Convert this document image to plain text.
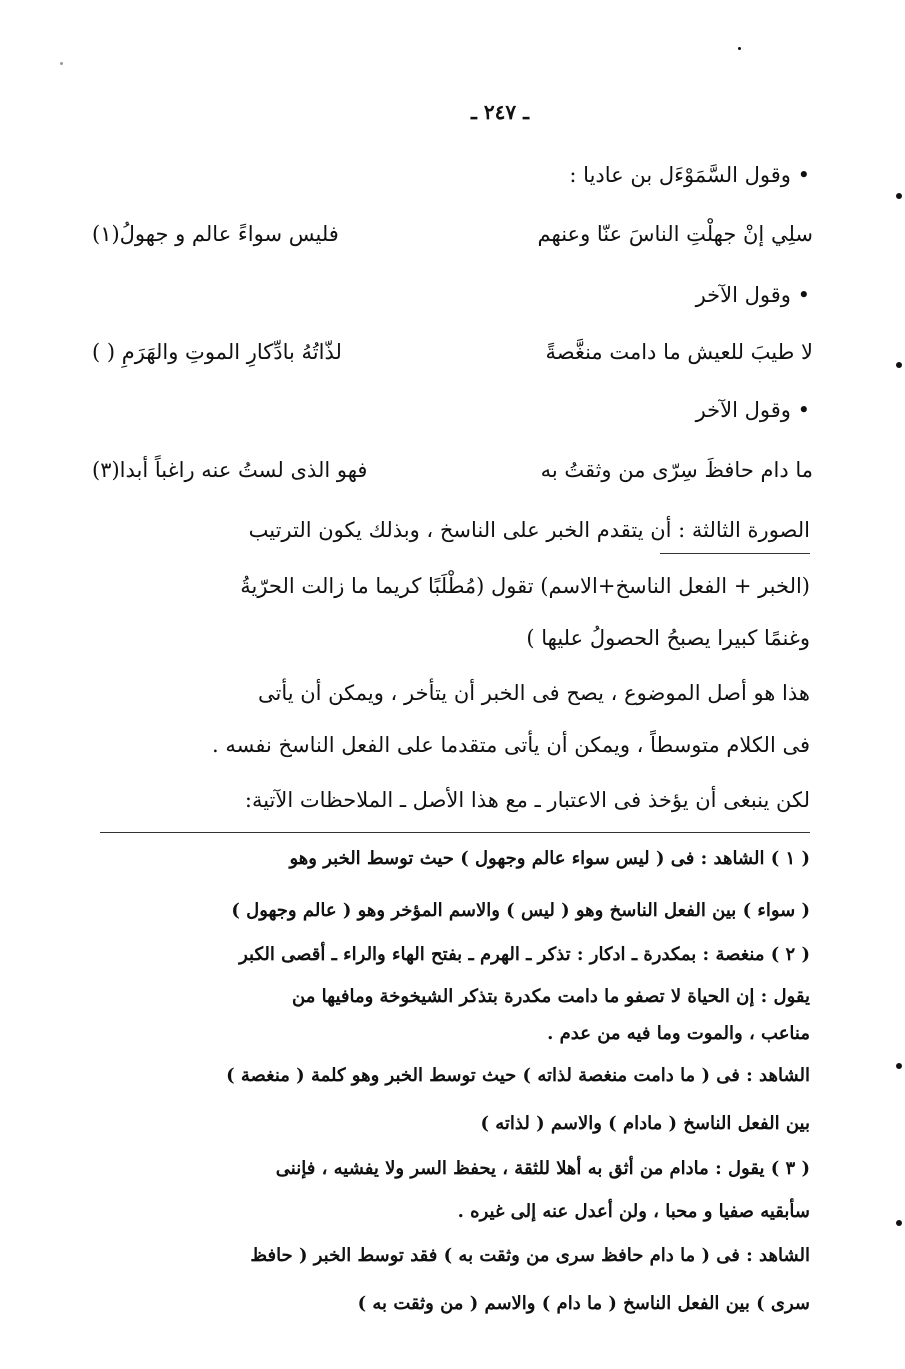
ـ ٢٤٧ ـ
• وقول السَّمَوْءَل بن عاديا :
سلِي إنْ جهلْتِ الناسَ عنّا وعنهم
فليس سواءً عالم و جهولُ(١)
• وقول الآخر
لا طيبَ للعيش ما دامت منغَّصةً
لذّاتُهُ بادِّكارِ الموتِ والهَرَمِ ( )
• وقول الآخر
ما دام حافظَ سِرّى من وثقتُ به
فهو الذى لستُ عنه راغباً أبدا(٣)
الصورة الثالثة : أن يتقدم الخبر على الناسخ ، وبذلك يكون الترتيب
(الخبر + الفعل الناسخ+الاسم) تقول (مُطْلَبًا كريما ما زالت الحرّيةُ
وغنمًا كبيرا يصبحُ الحصولُ عليها )
هذا هو أصل الموضوع ، يصح فى الخبر أن يتأخر ، ويمكن أن يأتى
فى الكلام متوسطاً ، ويمكن أن يأتى متقدما على الفعل الناسخ نفسه .
لكن ينبغى أن يؤخذ فى الاعتبار ـ مع هذا الأصل ـ الملاحظات الآتية:
( ١ ) الشاهد : فى ( ليس سواء عالم وجهول ) حيث توسط الخبر وهو
( سواء ) بين الفعل الناسخ وهو ( ليس ) والاسم المؤخر وهو ( عالم وجهول )
( ٢ ) منغصة : بمكدرة ـ ادكار : تذكر ـ الهرم ـ بفتح الهاء والراء ـ أقصى الكبر
يقول : إن الحياة لا تصفو ما دامت مكدرة بتذكر الشيخوخة ومافيها من
مناعب ، والموت وما فيه من عدم .
الشاهد : فى ( ما دامت منغصة لذاته ) حيث توسط الخبر وهو كلمة ( منغصة )
بين الفعل الناسخ ( مادام ) والاسم ( لذاته )
( ٣ ) يقول : مادام من أثق به أهلا للثقة ، يحفظ السر ولا يفشيه ، فإننى
سأبقيه صفيا و محبا ، ولن أعدل عنه إلى غيره .
الشاهد : فى ( ما دام حافظ سرى من وثقت به ) فقد توسط الخبر ( حافظ
سرى ) بين الفعل الناسخ ( ما دام ) والاسم ( من وثقت به )
